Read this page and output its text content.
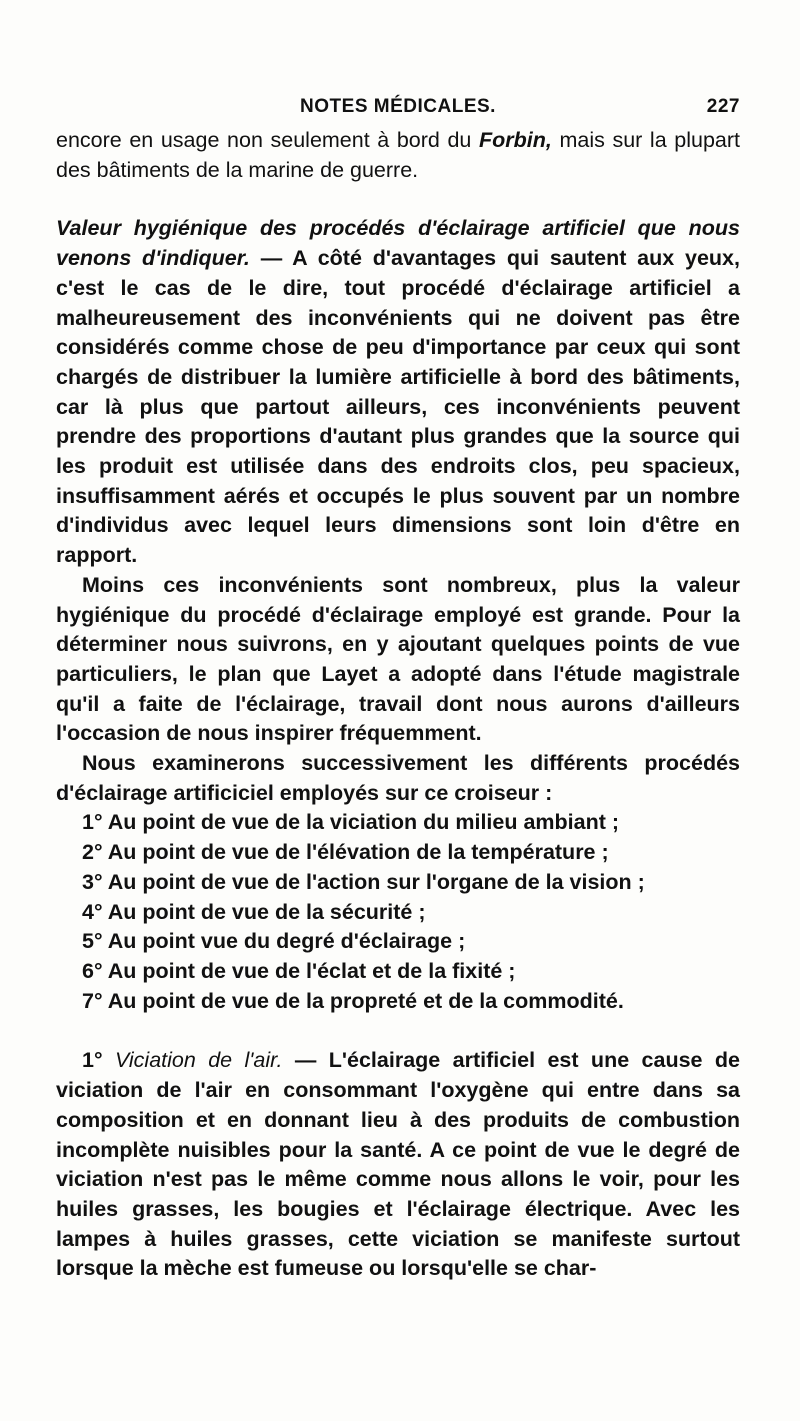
NOTES MÉDICALES.	227

encore en usage non seulement à bord du Forbin, mais sur la plupart des bâtiments de la marine de guerre.

Valeur hygiénique des procédés d'éclairage artificiel que nous venons d'indiquer. — A côté d'avantages qui sautent aux yeux, c'est le cas de le dire, tout procédé d'éclairage artificiel a malheureusement des inconvénients qui ne doivent pas être considérés comme chose de peu d'importance par ceux qui sont chargés de distribuer la lumière artificielle à bord des bâtiments, car là plus que partout ailleurs, ces inconvénients peuvent prendre des proportions d'autant plus grandes que la source qui les produit est utilisée dans des endroits clos, peu spacieux, insuffisamment aérés et occupés le plus souvent par un nombre d'individus avec lequel leurs dimensions sont loin d'être en rapport.

Moins ces inconvénients sont nombreux, plus la valeur hygiénique du procédé d'éclairage employé est grande. Pour la déterminer nous suivrons, en y ajoutant quelques points de vue particuliers, le plan que Layet a adopté dans l'étude magistrale qu'il a faite de l'éclairage, travail dont nous aurons d'ailleurs l'occasion de nous inspirer fréquemment.

Nous examinerons successivement les différents procédés d'éclairage artificiciel employés sur ce croiseur :

1° Au point de vue de la viciation du milieu ambiant ;
2° Au point de vue de l'élévation de la température ;
3° Au point de vue de l'action sur l'organe de la vision ;
4° Au point de vue de la sécurité ;
5° Au point vue du degré d'éclairage ;
6° Au point de vue de l'éclat et de la fixité ;
7° Au point de vue de la propreté et de la commodité.

1° Viciation de l'air. — L'éclairage artificiel est une cause de viciation de l'air en consommant l'oxygène qui entre dans sa composition et en donnant lieu à des produits de combustion incomplète nuisibles pour la santé. A ce point de vue le degré de viciation n'est pas le même comme nous allons le voir, pour les huiles grasses, les bougies et l'éclairage électrique. Avec les lampes à huiles grasses, cette viciation se manifeste surtout lorsque la mèche est fumeuse ou lorsqu'elle se char-
